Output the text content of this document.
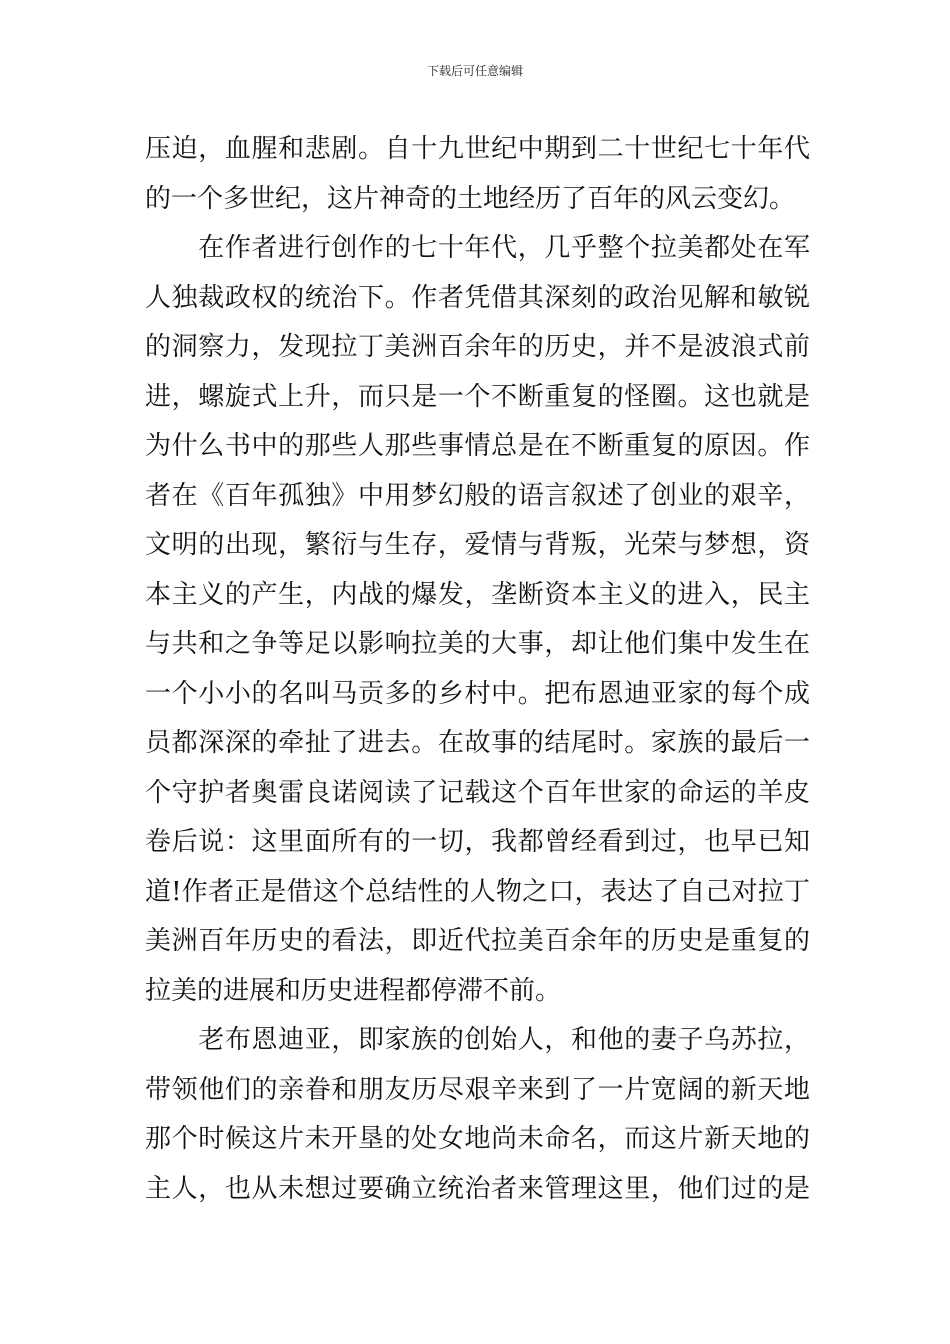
下载后可任意编辑
压迫，血腥和悲剧。自十九世纪中期到二十世纪七十年代
的一个多世纪，这片神奇的土地经历了百年的风云变幻。
　　在作者进行创作的七十年代，几乎整个拉美都处在军
人独裁政权的统治下。作者凭借其深刻的政治见解和敏锐
的洞察力，发现拉丁美洲百余年的历史，并不是波浪式前
进，螺旋式上升，而只是一个不断重复的怪圈。这也就是
为什么书中的那些人那些事情总是在不断重复的原因。作
者在《百年孤独》中用梦幻般的语言叙述了创业的艰辛，
文明的出现，繁衍与生存，爱情与背叛，光荣与梦想，资
本主义的产生，内战的爆发，垄断资本主义的进入，民主
与共和之争等足以影响拉美的大事，却让他们集中发生在
一个小小的名叫马贡多的乡村中。把布恩迪亚家的每个成
员都深深的牵扯了进去。在故事的结尾时。家族的最后一
个守护者奥雷良诺阅读了记载这个百年世家的命运的羊皮
卷后说：这里面所有的一切，我都曾经看到过，也早已知
道!作者正是借这个总结性的人物之口，表达了自己对拉丁
美洲百年历史的看法，即近代拉美百余年的历史是重复的
拉美的进展和历史进程都停滞不前。
　　老布恩迪亚，即家族的创始人，和他的妻子乌苏拉，
带领他们的亲眷和朋友历尽艰辛来到了一片宽阔的新天地
那个时候这片未开垦的处女地尚未命名，而这片新天地的
主人，也从未想过要确立统治者来管理这里，他们过的是
